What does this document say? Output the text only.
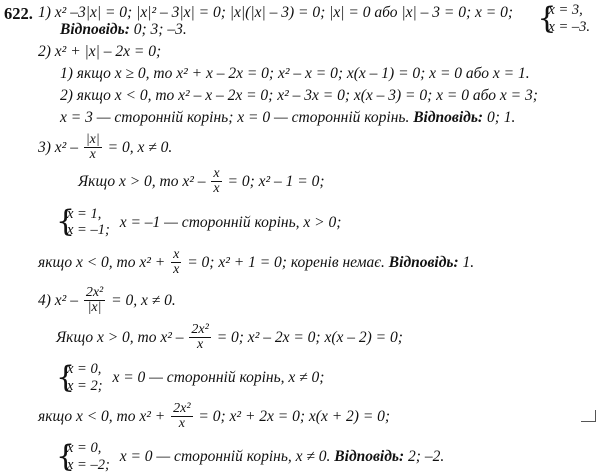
622.	{
x = 3,
x = –3.
1) x² –3|x| = 0; |x|² – 3|x| = 0; |x|(|x| – 3) = 0; |x| = 0 або |x| – 3 = 0; x = 0;
Відповідь: 0; 3; –3.
2) x² + |x| – 2x = 0;
1) якщо x ≥ 0, то x² + x – 2x = 0; x² – x = 0; x(x – 1) = 0; x = 0 або x = 1.
2) якщо x < 0, то x² – x – 2x = 0; x² – 3x = 0; x(x – 3) = 0; x = 0 або x = 3;
x = 3 — сторонній корінь; x = 0 — сторонній корінь. Відповідь: 0; 1.
3) $x^2 - \frac{|x|}{x} = 0$, x ≠ 0.
Якщо x > 0, то $x^2 - \frac{x}{x} = 0$; x² – 1 = 0;
{
x = 1,
x = –1; x = –1 — сторонній корінь, x > 0;
якщо x < 0, то $x^2 + \frac{x}{x} = 0$; x² + 1 = 0; коренів немає. Відповідь: 1.
4) $x^2 - \frac{\text{2x²}}{|x|} = 0$, x ≠ 0.
Якщо x > 0, то $x^2 - \frac{\text{2x²}}{x} = 0$; x² – 2x = 0; x(x – 2) = 0;
{
x = 0,
x = 2; x = 0 — сторонній корінь, x ≠ 0;
якщо x < 0, то $x^2 + \frac{\text{2x²}}{x} = 0$; x² + 2x = 0; x(x + 2) = 0;
{
x = 0,
x = –2; x = 0 — сторонній корінь, x ≠ 0. Відповідь: 2; –2.
